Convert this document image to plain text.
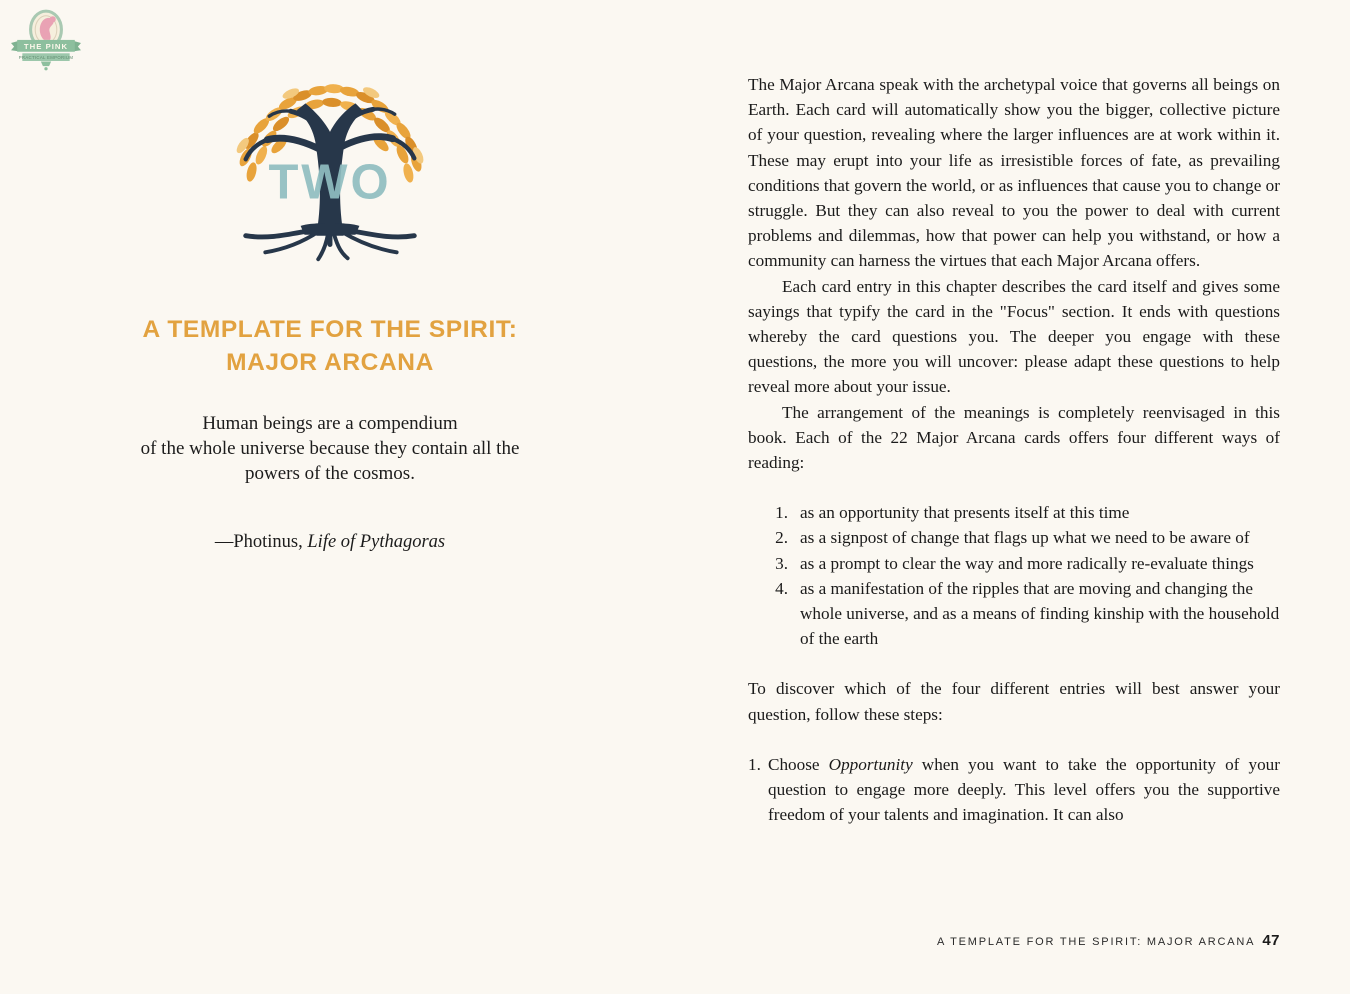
THE PINK
PRACTICAL EMPORIUM
TWO
A TEMPLATE FOR THE SPIRIT:
MAJOR ARCANA
Human beings are a compendium
of the whole universe because they contain all the
powers of the cosmos.
—Photinus, Life of Pythagoras

The Major Arcana speak with the archetypal voice that governs all beings on Earth. Each card will automatically show you the bigger, collective picture of your question, revealing where the larger influences are at work within it. These may erupt into your life as irresistible forces of fate, as prevailing conditions that govern the world, or as influences that cause you to change or struggle. But they can also reveal to you the power to deal with current problems and dilemmas, how that power can help you withstand, or how a community can harness the virtues that each Major Arcana offers.

Each card entry in this chapter describes the card itself and gives some sayings that typify the card in the "Focus" section. It ends with questions whereby the card questions you. The deeper you engage with these questions, the more you will uncover: please adapt these questions to help reveal more about your issue.

The arrangement of the meanings is completely reenvisaged in this book. Each of the 22 Major Arcana cards offers four different ways of reading:

1. as an opportunity that presents itself at this time
2. as a signpost of change that flags up what we need to be aware of
3. as a prompt to clear the way and more radically re-evaluate things
4. as a manifestation of the ripples that are moving and changing the whole universe, and as a means of finding kinship with the household of the earth

To discover which of the four different entries will best answer your question, follow these steps:

1. Choose Opportunity when you want to take the opportunity of your question to engage more deeply. This level offers you the supportive freedom of your talents and imagination. It can also
A TEMPLATE FOR THE SPIRIT: MAJOR ARCANA 47
